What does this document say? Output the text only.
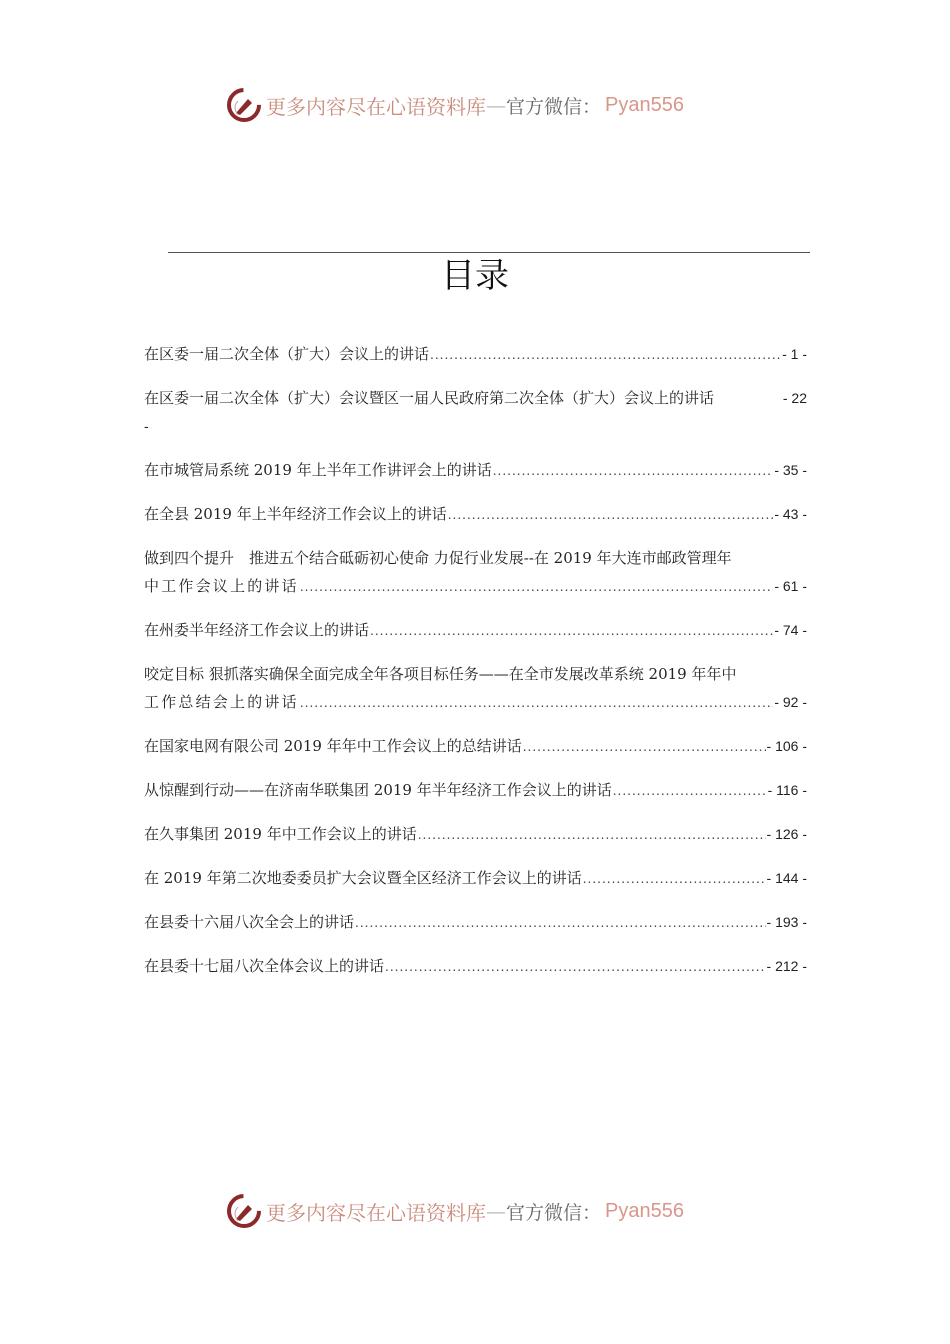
更多内容尽在心语资料库 — 官方微信： Pyan556
目录
在区委一届二次全体（扩大）会议上的讲话 .....	- 1 -
在区委一届二次全体（扩大）会议暨区一届人民政府第二次全体（扩大）会议上的讲话	- 22
-
在市城管局系统 2019 年上半年工作讲评会上的讲话 .....	- 35 -
在全县 2019 年上半年经济工作会议上的讲话 .....	- 43 -
做到四个提升　推进五个结合砥砺初心使命 力促行业发展--在 2019 年大连市邮政管理年
中工作会议上的讲话 .....	- 61 -
在州委半年经济工作会议上的讲话 .....	- 74 -
咬定目标 狠抓落实确保全面完成全年各项目标任务——在全市发展改革系统 2019 年年中
工作总结会上的讲话 .....	- 92 -
在国家电网有限公司 2019 年年中工作会议上的总结讲话 .....	- 106 -
从惊醒到行动——在济南华联集团 2019 年半年经济工作会议上的讲话 .....	- 116 -
在久事集团 2019 年中工作会议上的讲话 .....	- 126 -
在 2019 年第二次地委委员扩大会议暨全区经济工作会议上的讲话 .....	- 144 -
在县委十六届八次全会上的讲话 .....	- 193 -
在县委十七届八次全体会议上的讲话 .....	- 212 -
更多内容尽在心语资料库 — 官方微信： Pyan556
